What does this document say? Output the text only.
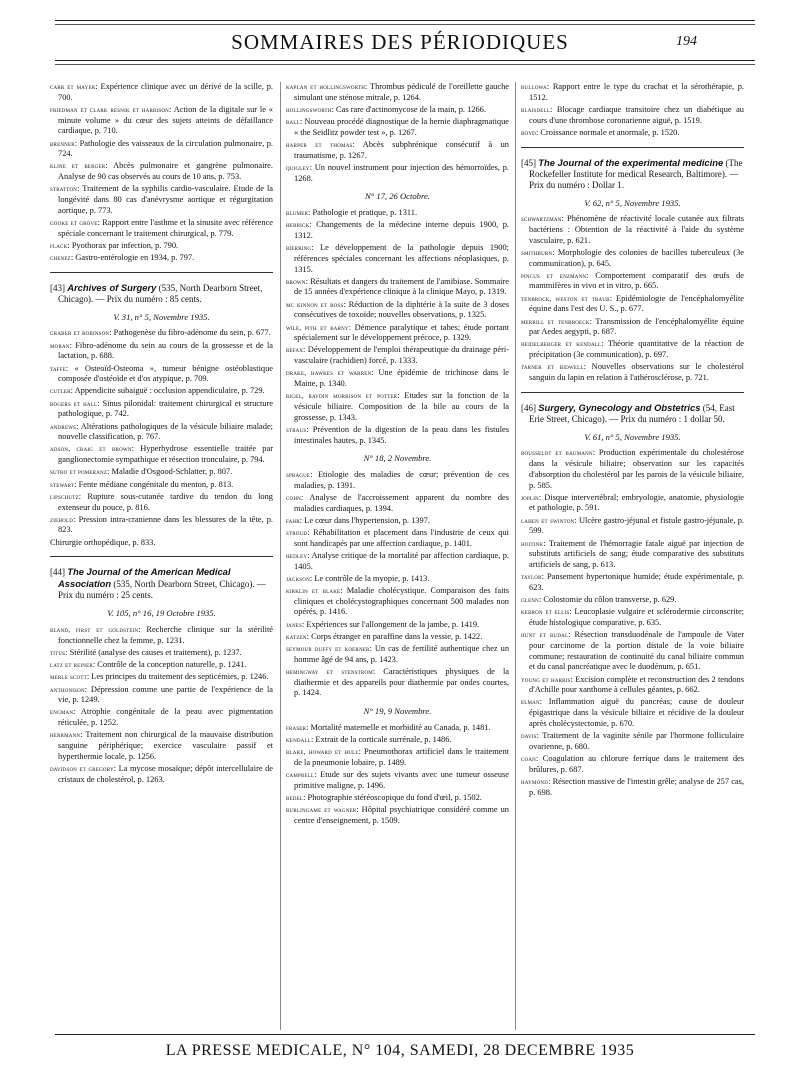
SOMMAIRES DES PÉRIODIQUES	194
carr et mayer: Expérience clinique avec un dérivé de la scille, p. 700.
friedman et clark resnik et harrison: Action de la digitale sur le « minute volume » du cœur des sujets atteints de défaillance cardiaque, p. 710.
brenner: Pathologie des vaisseaux de la circulation pulmonaire, p. 724.
kline et berger: Abcès pulmonaire et gangrène pulmonaire. Analyse de 90 cas observés au cours de 10 ans, p. 753.
stratton: Traitement de la syphilis cardio-vasculaire. Etude de la longévité dans 80 cas d'anévrysme aortique et régurgitation aortique, p. 773.
gooke et grove: Rapport entre l'asthme et la sinusite avec référence spéciale concernant le traitement chirurgical, p. 779.
flack: Pyothorax par infection, p. 790.
chenez: Gastro-entérologie en 1934, p. 797.
[43] Archives of Surgery (535, North Dearborn Street, Chicago). — Prix du numéro : 85 cents.
V. 31, n° 5, Novembre 1935.
graber et robinson: Pathogenèse du fibro-adénome du sein, p. 677.
moran: Fibro-adénome du sein au cours de la grossesse et de la lactation, p. 688.
taffe: « Osteoïd-Osteoma », tumeur bénigne ostéoblastique composée d'ostéoïde et d'os atypique, p. 709.
cutler: Appendicite subaiguë : occlusion appendiculaire, p. 729.
rogers et hall: Sinus pilonidal: traitement chirurgical et structure pathologique, p. 742.
andrews: Altérations pathologiques de la vésicule biliaire malade; nouvelle classification, p. 767.
adson, craig et brown: Hyperhydrose essentielle traitée par ganglionectomie sympathique et résection tronculaire, p. 794.
sutro et pomeranz: Maladie d'Osgood-Schlatter, p. 807.
stewart: Fente médiane congénitale du menton, p. 813.
lipschutz: Rupture sous-cutanée tardive du tendon du long extenseur du pouce, p. 816.
ziehold: Pression intra-cranienne dans les blessures de la tête, p. 823.
Chirurgie orthopédique, p. 833.
[44] The Journal of the American Medical Association (535, North Dearborn Street, Chicago). — Prix du numéro : 25 cents.
V. 105, n° 16, 19 Octobre 1935.
bland, first et goldstein: Recherche clinique sur la stérilité fonctionnelle chez la femme, p. 1231.
titus: Stérilité (analyse des causes et traitement), p. 1237.
latz et reiner: Contrôle de la conception naturelle, p. 1241.
merle scott: Les principes du traitement des septicémies, p. 1246.
anthonison: Dépression comme une partie de l'expérience de la vie, p. 1249.
engman: Atrophie congénitale de la peau avec pigmentation réticulée, p. 1252.
herrmann: Traitement non chirurgical de la mauvaise distribution sanguine périphérique; exercice vasculaire passif et hyperthermie locale, p. 1256.
davidson et gregory: La mycose mosaïque; dépôt intercellulaire de cristaux de cholestérol, p. 1263.
kaplan et hollingsworth: Thrombus pédiculé de l'oreillette gauche simulant une sténose mitrale, p. 1264.
hollingsworth: Cas rare d'actinomycose de la main, p. 1266.
ball: Nouveau procédé diagnostique de la hernie diaphragmatique « the Seidlitz powder test », p. 1267.
harper et thomas: Abcès subphrénique consécutif à un traumatisme, p. 1267.
quigley: Un nouvel instrument pour injection des hémorroïdes, p. 1268.
N° 17, 26 Octobre.
blumer: Pathologie et pratique, p. 1311.
herrick: Changements de la médecine interne depuis 1900, p. 1312.
bierring: Le développement de la pathologie depuis 1900; références spéciales concernant les affections néoplasiques, p. 1315.
brown: Résultats et dangers du traitement de l'amibiase. Sommaire de 15 années d'expérience clinique à la clinique Mayo, p. 1319.
mc kinnon et ross: Réduction de la diphtérie à la suite de 3 doses consécutives de toxoïde; nouvelles observations, p. 1325.
wile, pith et barny: Démence paralytique et tabes; étude portant spécialement sur le développement précoce, p. 1329.
refax: Développement de l'emploi thérapeutique du drainage péri-vasculaire (rachidien) forcé, p. 1333.
drake, hawkes et warren: Une épidémie de trichinose dans le Maine, p. 1340.
rigel, ravdin morrison et potter: Etudes sur la fonction de la vésicule biliaire. Composition de la bile au cours de la grossesse, p. 1343.
straus: Prévention de la digestion de la peau dans les fistules intestinales hautes, p. 1345.
N° 18, 2 Novembre.
sprague: Etiologie des maladies de cœur; prévention de ces maladies, p. 1391.
cohn: Analyse de l'accroissement apparent du nombre des maladies cardiaques, p. 1394.
fahr: Le cœur dans l'hypertension, p. 1397.
stroud: Réhabilitation et placement dans l'industrie de ceux qui sont handicapés par une affection cardiaque, p. 1401.
hedley: Analyse critique de la mortalité par affection cardiaque, p. 1405.
jackson: Le contrôle de la myopie, p. 1413.
kirklin et blake: Maladie cholécystique. Comparaison des faits cliniques et cholécystographiques concernant 500 malades non opérés, p. 1416.
janes: Expériences sur l'allongement de la jambe, p. 1419.
katzen: Corps étranger en paraffine dans la vessie, p. 1422.
seymour duffy et koerner: Un cas de fertilité authentique chez un homme âgé de 94 ans, p. 1423.
hemingway et stenstrom: Caractéristiques physiques de la diathermie et des appareils pour diathermie par ondes courtes, p. 1424.
N° 19, 9 Novembre.
fraser: Mortalité maternelle et morbidité au Canada, p. 1481.
kendall: Extrait de la corticale surrénale, p. 1486.
blake, howard et hull: Pneumothorax artificiel dans le traitement de la pneumonie lobaire, p. 1489.
campbell: Etude sur des sujets vivants avec une tumeur osseuse primitive maligne, p. 1496.
bedel: Photographie stéréoscopique du fond d'œil, p. 1502.
burlingame et wagner: Hôpital psychiatrique considéré comme un centre d'enseignement, p. 1509.
bullowa: Rapport entre le type du crachat et la sérothérapie, p. 1512.
blaisdell: Blocage cardiaque transitoire chez un diabétique au cours d'une thrombose coronarienne aiguë, p. 1519.
boyd: Croissance normale et anormale, p. 1520.
[45] The Journal of the experimental medicine (The Rockefeller Institute for medical Research, Baltimore). — Prix du numéro : Dollar 1.
V. 62, n° 5, Novembre 1935.
schwartzman: Phénomène de réactivité locale cutanée aux filtrats bactériens : Obtention de la réactivité à l'aide du système vasculaire, p. 621.
smithburn: Morphologie des colonies de bacilles tuberculeux (3e communication), p. 645.
pincus et enzmann: Comportement comparatif des œufs de mammifères in vivo et in vitro, p. 665.
tenbrock, weston et traub: Epidémiologie de l'encéphalomyélite équine dans l'est des U. S., p. 677.
merrill et tenbroeck: Transmission de l'encéphalomyélite équine par Aedes aegypti, p. 687.
heidelberger et kendall: Théorie quantitative de la réaction de précipitation (3e communication), p. 697.
tarner et bidwell: Nouvelles observations sur le cholestérol sanguin du lapin en relation à l'athérosclérose, p. 721.
[46] Surgery, Gynecology and Obstetrics (54, East Erie Street, Chicago). — Prix du numéro : 1 dollar 50.
V. 61, n° 5, Novembre 1935.
rousselot et baumann: Production expérimentale du cholestérose dans la vésicule biliaire; observation sur les capacités d'absorption du cholestérol par les parois de la vésicule biliaire, p. 585.
joplin: Disque intervertébral; embryologie, anatomie, physiologie et pathologie, p. 591.
lahen et swinton: Ulcère gastro-jéjunal et fistule gastro-jéjunale, p. 599.
hoitink: Traitement de l'hémorragie fatale aiguë par injection de substituts artificiels de sang; étude comparative des substituts artificiels de sang, p. 613.
taylor: Pansement hypertonique humide; étude expérimentale, p. 623.
glenn: Colostomie du côlon transverse, p. 629.
kebron et ellis: Leucoplasie vulgaire et sclérodermie circonscrite; étude histologique comparative, p. 635.
hunt et budal: Résection transduodénale de l'ampoule de Vater pour carcinome de la portion distale de la voie biliaire commune; restauration de continuité du canal biliaire commun et du canal pancréatique avec le duodénum, p. 651.
young et harris: Excision complète et reconstruction des 2 tendons d'Achille pour xanthome à cellules géantes, p. 662.
elman: Inflammation aiguë du pancréas; cause de douleur épigastrique dans la vésicule biliaire et récidive de la douleur après cholécystectomie, p. 670.
davis: Traitement de la vaginite sénile par l'hormone folliculaire ovarienne, p. 680.
coan: Coagulation au chlorure ferrique dans le traitement des brûlures, p. 687.
haymond: Résection massive de l'intestin grêle; analyse de 257 cas, p. 698.
LA PRESSE MEDICALE, N° 104, SAMEDI, 28 DECEMBRE 1935
